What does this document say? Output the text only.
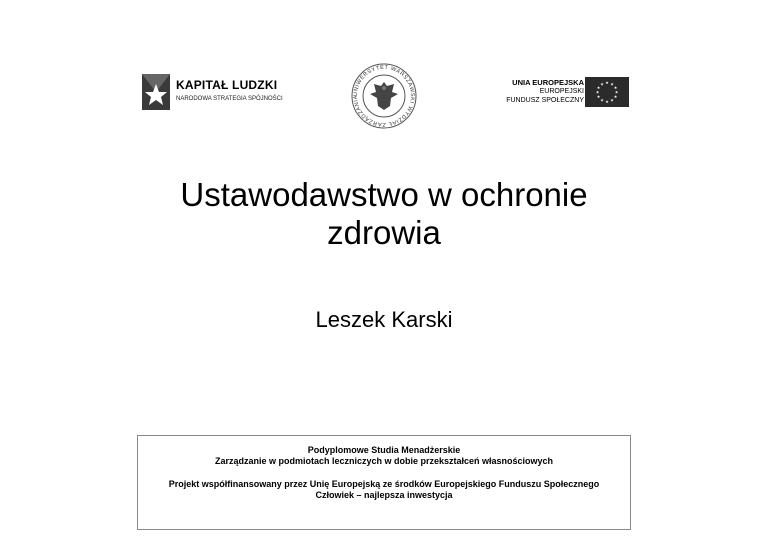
KAPITAŁ LUDZKI
NARODOWA STRATEGIA SPÓJNOŚCI
UNIWERSYTET WARSZAWSKI WYDZIAŁ ZARZĄDZANIA
UNIA EUROPEJSKA
EUROPEJSKI
FUNDUSZ SPOŁECZNY
★ ★
★
★
★
★
★
★
★
★
★
★
Ustawodawstwo w ochronie
zdrowia
Leszek Karski
Podyplomowe Studia Menadżerskie
Zarządzanie w podmiotach leczniczych w dobie przekształceń własnościowych
Projekt współfinansowany przez Unię Europejską ze środków Europejskiego Funduszu Społecznego
Człowiek – najlepsza inwestycja
